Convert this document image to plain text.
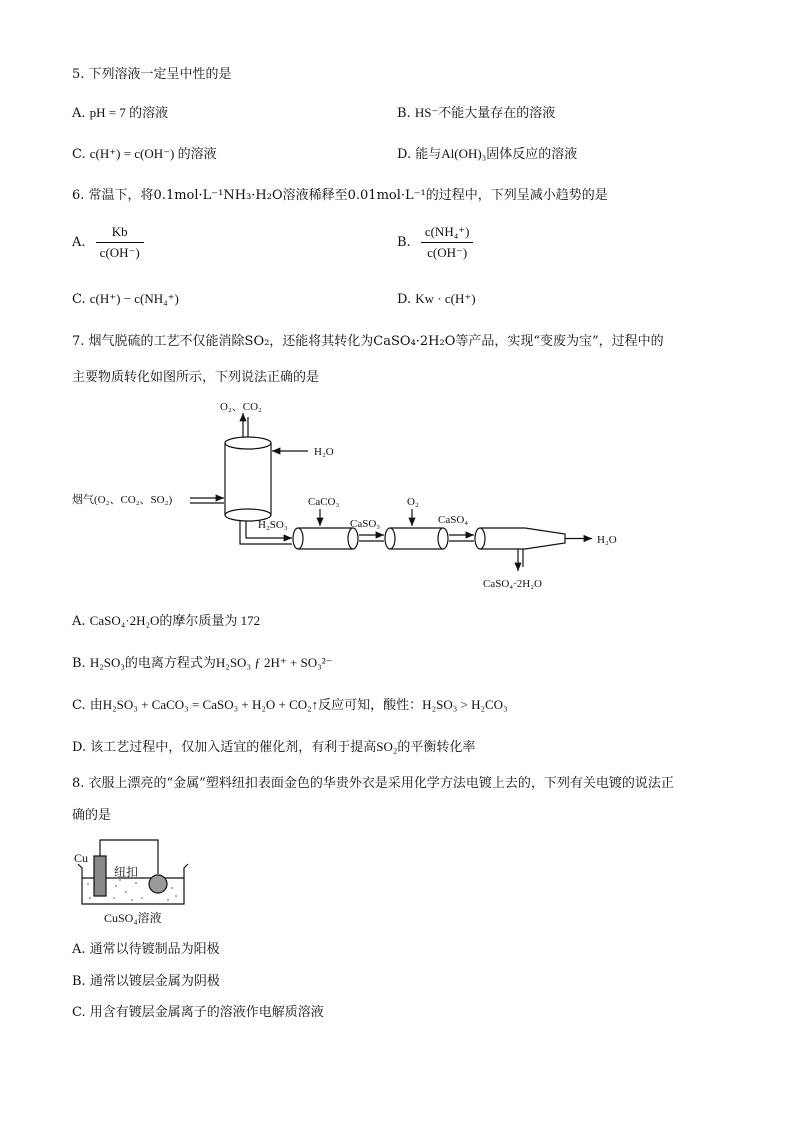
5. 下列溶液一定呈中性的是
A. pH = 7 的溶液	B. HS⁻不能大量存在的溶液
C. c(H⁺) = c(OH⁻) 的溶液	D. 能与Al(OH)₃固体反应的溶液
6. 常温下，将0.1mol·L⁻¹NH₃·H₂O溶液稀释至0.01mol·L⁻¹的过程中，下列呈减小趋势的是
A. $\frac{Kb}{c(OH^-)}$	B. $\frac{\text{c(NH₄⁺)}}{c(OH^-)}$
C. c(H⁺) − c(NH₄⁺)	D. Kw · c(H⁺)
7. 烟气脱硫的工艺不仅能消除SO₂，还能将其转化为CaSO₄·2H₂O等产品，实现“变废为宝”，过程中的
主要物质转化如图所示，下列说法正确的是
O₂、CO₂
H₂O
烟气(O₂、CO₂、SO₂)
H₂SO₃
CaCO₃
CaSO₃
O₂
CaSO₄
H₂O
CaSO₄·2H₂O
A. CaSO₄·2H₂O的摩尔质量为 172
B. H₂SO₃的电离方程式为H₂SO₃ ƒ 2H⁺ + SO₃²⁻
C. 由H₂SO₃ + CaCO₃ = CaSO₃ + H₂O + CO₂↑反应可知，酸性：H₂SO₃ > H₂CO₃
D. 该工艺过程中，仅加入适宜的催化剂，有利于提高SO₂的平衡转化率
8. 衣服上漂亮的“金属”塑料纽扣表面金色的华贵外衣是采用化学方法电镀上去的，下列有关电镀的说法正
确的是
Cu
纽扣
CuSO₄溶液
A. 通常以待镀制品为阳极
B. 通常以镀层金属为阴极
C. 用含有镀层金属离子的溶液作电解质溶液
